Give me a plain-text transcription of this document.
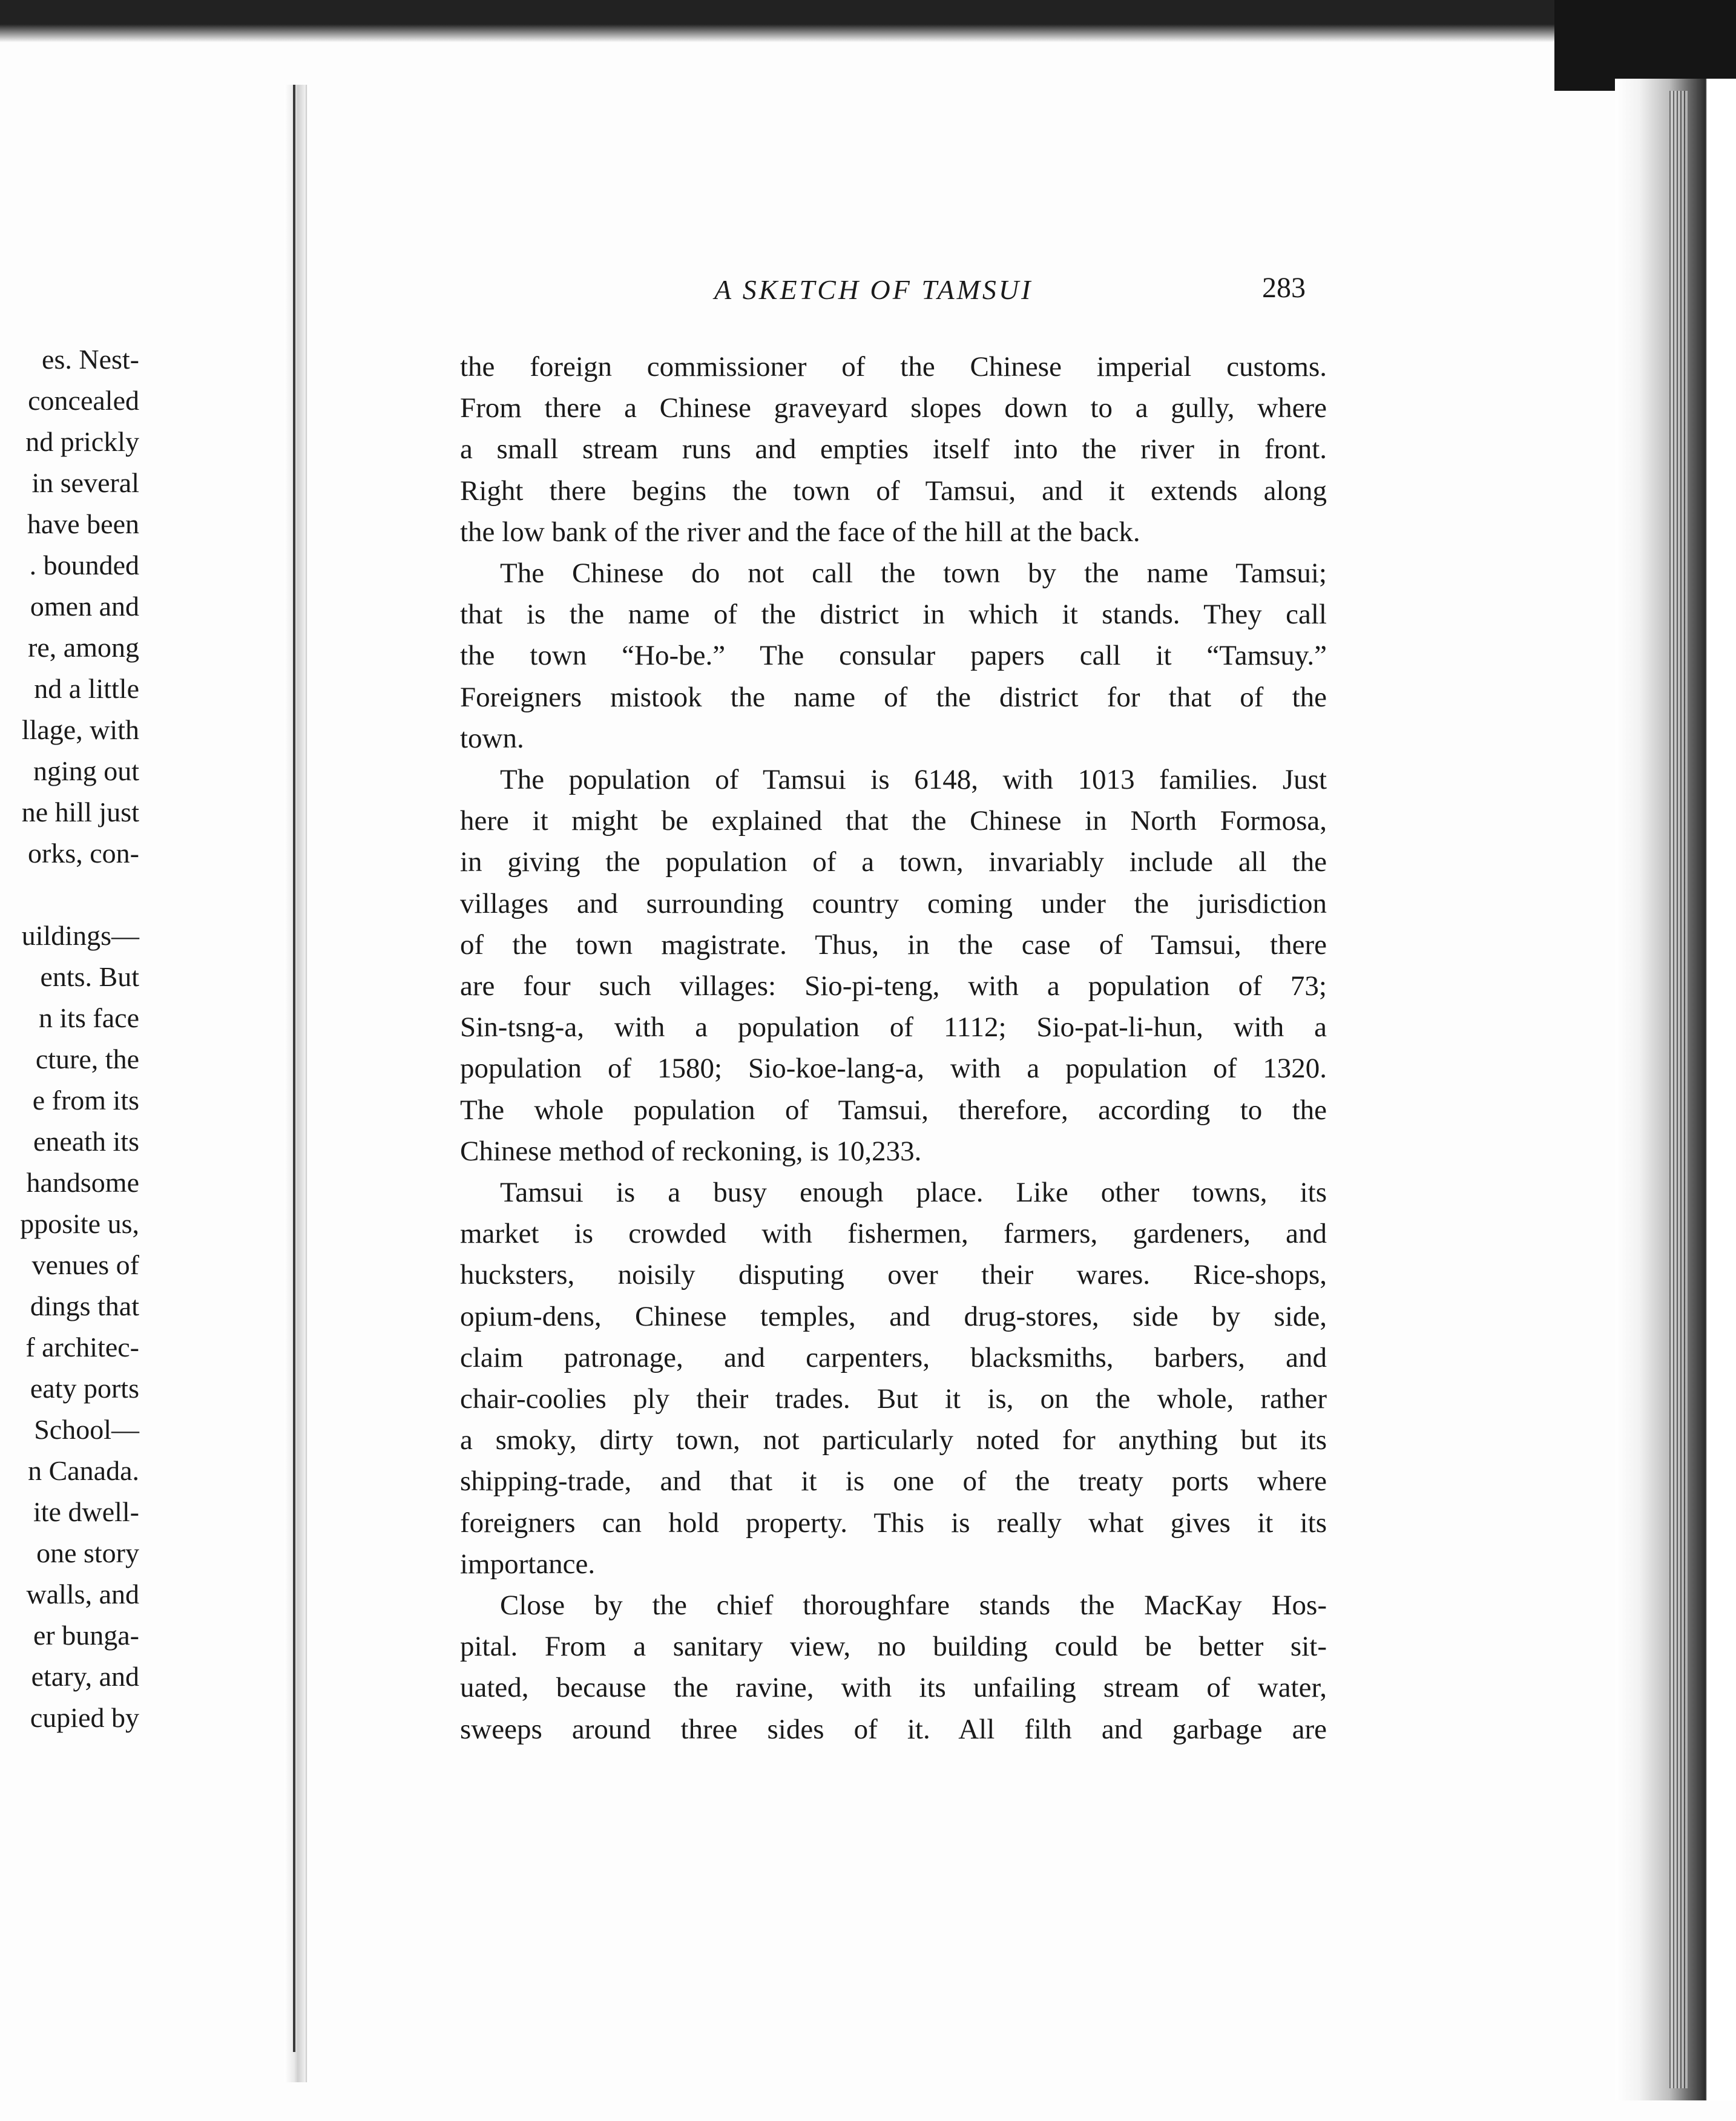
es. Nest-
concealed
nd prickly
in several
have been
. bounded
omen and
re, among
nd a little
llage, with
nging out
ne hill just
orks, con-
uildings—
ents. But
n its face
cture, the
e from its
eneath its
handsome
pposite us,
venues of
dings that
f architec-
eaty ports
School—
n Canada.
ite dwell-
one story
walls, and
er bunga-
etary, and
cupied by
A SKETCH OF TAMSUI	283
the foreign commissioner of the Chinese imperial customs.
From there a Chinese graveyard slopes down to a gully, where
a small stream runs and empties itself into the river in front.
Right there begins the town of Tamsui, and it extends along
the low bank of the river and the face of the hill at the back.
The Chinese do not call the town by the name Tamsui;
that is the name of the district in which it stands. They call
the town “Ho-be.” The consular papers call it “Tamsuy.”
Foreigners mistook the name of the district for that of the
town.
The population of Tamsui is 6148, with 1013 families. Just
here it might be explained that the Chinese in North Formosa,
in giving the population of a town, invariably include all the
villages and surrounding country coming under the jurisdiction
of the town magistrate. Thus, in the case of Tamsui, there
are four such villages: Sio-pi-teng, with a population of 73;
Sin-tsng-a, with a population of 1112; Sio-pat-li-hun, with a
population of 1580; Sio-koe-lang-a, with a population of 1320.
The whole population of Tamsui, therefore, according to the
Chinese method of reckoning, is 10,233.
Tamsui is a busy enough place. Like other towns, its
market is crowded with fishermen, farmers, gardeners, and
hucksters, noisily disputing over their wares. Rice-shops,
opium-dens, Chinese temples, and drug-stores, side by side,
claim patronage, and carpenters, blacksmiths, barbers, and
chair-coolies ply their trades. But it is, on the whole, rather
a smoky, dirty town, not particularly noted for anything but its
shipping-trade, and that it is one of the treaty ports where
foreigners can hold property. This is really what gives it its
importance.
Close by the chief thoroughfare stands the MacKay Hos-
pital. From a sanitary view, no building could be better sit-
uated, because the ravine, with its unfailing stream of water,
sweeps around three sides of it. All filth and garbage are
